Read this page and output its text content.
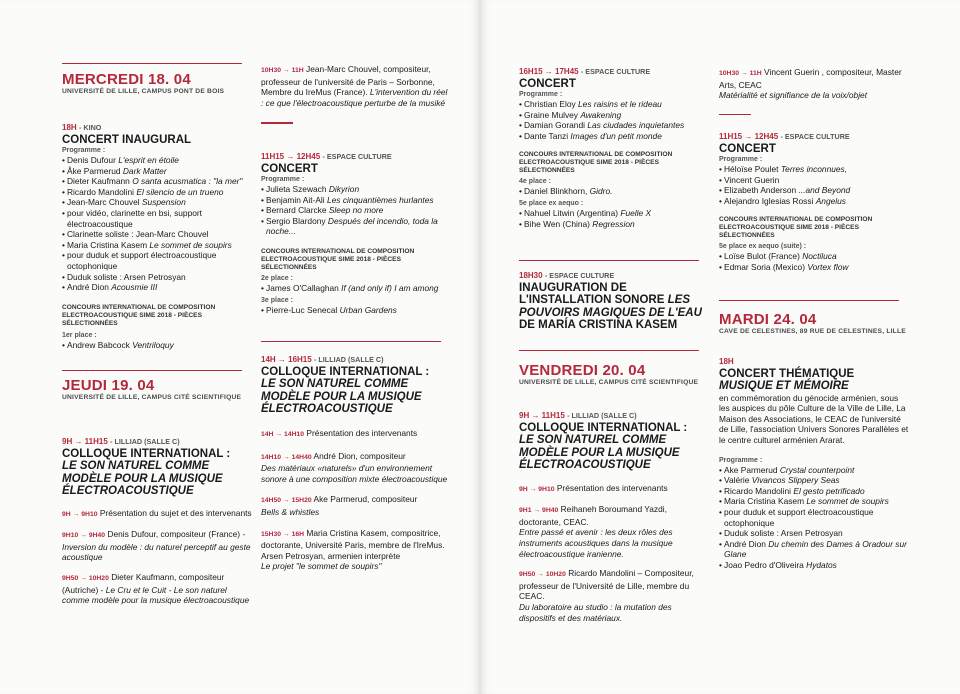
MERCREDI 18. 04
UNIVERSITÉ DE LILLE, CAMPUS PONT DE BOIS
18H - KINO
CONCERT INAUGURAL
Programme :
• Denis Dufour L'esprit en étoile
• Åke Parmerud Dark Matter
• Dieter Kaufmann O santa acusmatica : "la mer"
• Ricardo Mandolini El silencio de un trueno
• Jean-Marc Chouvel Suspension
• pour vidéo, clarinette en bsi, support électroacoustique
• Clarinette soliste : Jean-Marc Chouvel
• Maria Cristina Kasem Le sommet de soupirs
• pour duduk et support électroacoustique octophonique
• Duduk soliste : Arsen Petrosyan
• André Dion Acousmie III
CONCOURS INTERNATIONAL DE COMPOSITION ELECTROACOUSTIQUE SIME 2018 - PIÈCES SÉLECTIONNÉES
1er place :
• Andrew Babcock Ventriloquy
JEUDI 19. 04
UNIVERSITÉ DE LILLE, CAMPUS CITÉ SCIENTIFIQUE
9H → 11H15 - LILLIAD (SALLE C)
COLLOQUE INTERNATIONAL :
LE SON NATUREL COMME MODÈLE POUR LA MUSIQUE ÉLECTROACOUSTIQUE

9H → 9H10 Présentation du sujet et des intervenants

9H10 → 9H40 Denis Dufour, compositeur (France) - Inversion du modèle : du naturel perceptif au geste acoustique

9H50 → 10H20 Dieter Kaufmann, compositeur (Autriche) - Le Cru et le Cuit - Le son naturel comme modèle pour la musique électroacoustique

10H30 → 11H Jean-Marc Chouvel, compositeur, professeur de l'université de Paris – Sorbonne, Membre du IreMus (France). L'intervention du réel : ce que l'électroacoustique perturbe de la musiké

11H15 → 12H45 - ESPACE CULTURE
CONCERT
Programme :
• Julieta Szewach Dikyrion
• Benjamin Ait-Ali Les cinquantièmes hurlantes
• Bernard Clarcke Sleep no more
• Sergio Blardony Después del incendio, toda la noche...
CONCOURS INTERNATIONAL DE COMPOSITION ELECTROACOUSTIQUE SIME 2018 - PIÈCES SÉLECTIONNÉES
2e place :
• James O'Callaghan If (and only if) I am among
3e place :
• Pierre-Luc Senecal Urban Gardens
14H → 16H15 - LILLIAD (SALLE C)
COLLOQUE INTERNATIONAL :
LE SON NATUREL COMME MODÈLE POUR LA MUSIQUE ÉLECTROACOUSTIQUE

14H → 14H10 Présentation des intervenants

14H10 → 14H40 André Dion, compositeur
Des matériaux «naturels» d'un environnement sonore à une composition mixte électroacoustique

14H50 → 15H20 Ake Parmerud, compositeur
Bells & whistles

15H30 → 16H Maria Cristina Kasem, compositrice, doctorante, Université Paris, membre de l'IreMus.
Arsen Petrosyan, armenien interprète
Le projet "le sommet de soupirs"

16H15 → 17H45 - ESPACE CULTURE
CONCERT
Programme :
• Christian Eloy Les raisins et le rideau
• Graine Mulvey Awakening
• Damian Gorandi Las ciudades inquietantes
• Dante Tanzi Images d'un petit monde
CONCOURS INTERNATIONAL DE COMPOSITION ELECTROACOUSTIQUE SIME 2018 - PIÈCES SÉLECTIONNÉES
4e place :
• Daniel Blinkhorn, Gidro.
5e place ex aequo :
• Nahuel Litwin (Argentina) Fuelle X
• Bihe Wen (China) Regression
18H30 - ESPACE CULTURE
INAUGURATION DE L'INSTALLATION SONORE LES POUVOIRS MAGIQUES DE L'EAU DE MARÍA CRISTINA KASEM
VENDREDI 20. 04
UNIVERSITÉ DE LILLE, CAMPUS CITÉ SCIENTIFIQUE
9H → 11H15 - LILLIAD (SALLE C)
COLLOQUE INTERNATIONAL :
LE SON NATUREL COMME MODÈLE POUR LA MUSIQUE ÉLECTROACOUSTIQUE

9H → 9H10 Présentation des intervenants

9H1 → 9H40 Reihaneh Boroumand Yazdi, doctorante, CEAC.
Entre passé et avenir : les deux rôles des instruments acoustiques dans la musique électroacoustique iranienne.

9H50 → 10H20 Ricardo Mandolini – Compositeur, professeur de l'Université de Lille, membre du CEAC.
Du laboratoire au studio : la mutation des dispositifs et des matériaux.

10H30 → 11H Vincent Guerin , compositeur, Master Arts, CEAC
Matérialité et signifiance de la voix/objet

11H15 → 12H45 - ESPACE CULTURE
CONCERT
Programme :
• Héloïse Poulet Terres inconnues,
• Vincent Guerin
• Elizabeth Anderson ...and Beyond
• Alejandro Iglesias Rossi Angelus
CONCOURS INTERNATIONAL DE COMPOSITION ELECTROACOUSTIQUE SIME 2018 - PIÈCES SÉLECTIONNÉES
5e place ex aequo (suite) :
• Loïse Bulot (France) Noctiluca
• Edmar Soria (Mexico) Vortex flow
MARDI 24. 04
CAVE DE CELESTINES, 89 RUE DE CELESTINES, LILLE
18H
CONCERT THÉMATIQUE
MUSIQUE ET MÉMOIRE

en commémoration du génocide arménien, sous les auspices du pôle Culture de la Ville de Lille, La Maison des Associations, le CEAC de l'université de Lille, l'association Univers Sonores Parallèles et le centre culturel arménien Ararat.

Programme :
• Ake Parmerud Crystal counterpoint
• Valérie Vivancos Slippery Seas
• Ricardo Mandolini El gesto petrificado
• Maria Cristina Kasem Le sommet de soupirs
• pour duduk et support électroacoustique octophonique
• Duduk soliste : Arsen Petrosyan
• André Dion Du chemin des Dames à Oradour sur Glane
• Joao Pedro d'Oliveira Hydatos
